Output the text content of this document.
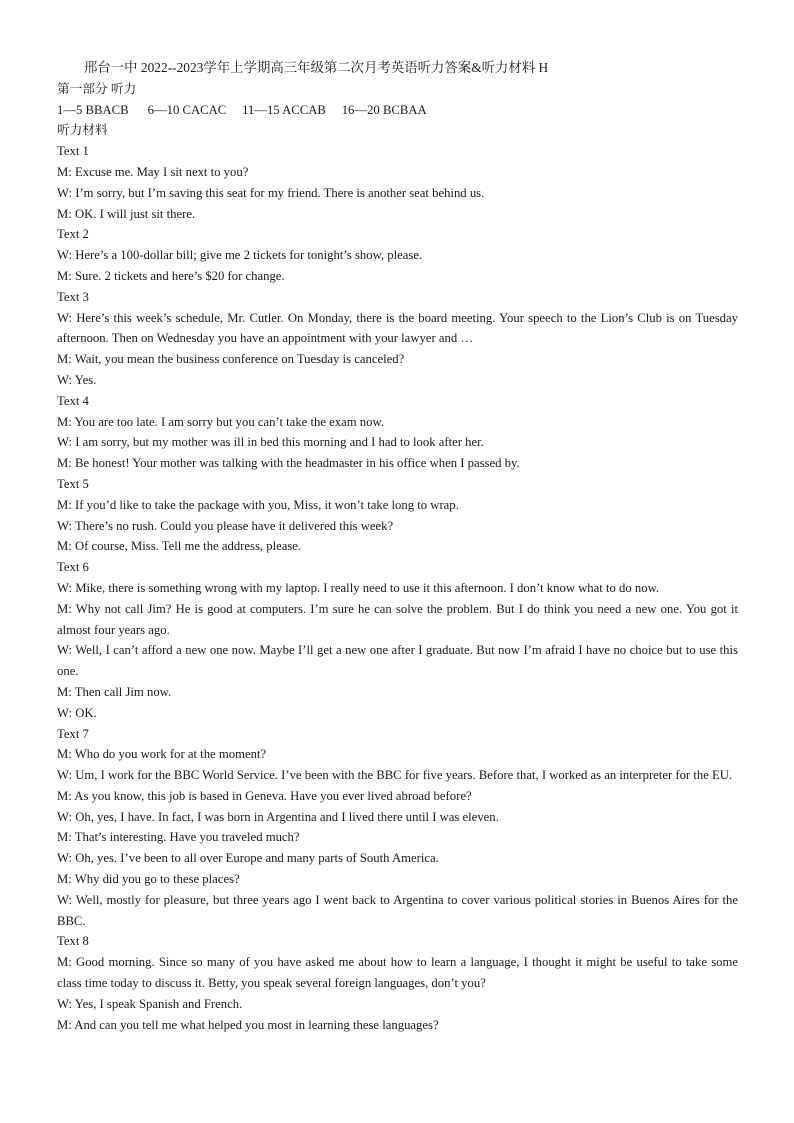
邢台一中 2022--2023学年上学期高三年级第二次月考英语听力答案&听力材料 H
第一部分 听力
1—5 BBACB 6—10 CACAC 11—15 ACCAB 16—20 BCBAA
听力材料
Text 1
M: Excuse me. May I sit next to you?
W: I’m sorry, but I’m saving this seat for my friend. There is another seat behind us.
M: OK. I will just sit there.
Text 2
W: Here’s a 100-dollar bill; give me 2 tickets for tonight’s show, please.
M: Sure. 2 tickets and here’s $20 for change.
Text 3
W: Here’s this week’s schedule, Mr. Cutler. On Monday, there is the board meeting. Your speech to the Lion’s Club is on Tuesday afternoon. Then on Wednesday you have an appointment with your lawyer and …
M: Wait, you mean the business conference on Tuesday is canceled?
W: Yes.
Text 4
M: You are too late. I am sorry but you can’t take the exam now.
W: I am sorry, but my mother was ill in bed this morning and I had to look after her.
M: Be honest! Your mother was talking with the headmaster in his office when I passed by.
Text 5
M: If you’d like to take the package with you, Miss, it won’t take long to wrap.
W: There’s no rush. Could you please have it delivered this week?
M: Of course, Miss. Tell me the address, please.
Text 6
W: Mike, there is something wrong with my laptop. I really need to use it this afternoon. I don’t know what to do now.
M: Why not call Jim? He is good at computers. I’m sure he can solve the problem. But I do think you need a new one. You got it almost four years ago.
W: Well, I can’t afford a new one now. Maybe I’ll get a new one after I graduate. But now I’m afraid I have no choice but to use this one.
M: Then call Jim now.
W: OK.
Text 7
M: Who do you work for at the moment?
W: Um, I work for the BBC World Service. I’ve been with the BBC for five years. Before that, I worked as an interpreter for the EU.
M: As you know, this job is based in Geneva. Have you ever lived abroad before?
W: Oh, yes, I have. In fact, I was born in Argentina and I lived there until I was eleven.
M: That’s interesting. Have you traveled much?
W: Oh, yes. I’ve been to all over Europe and many parts of South America.
M: Why did you go to these places?
W: Well, mostly for pleasure, but three years ago I went back to Argentina to cover various political stories in Buenos Aires for the BBC.
Text 8
M: Good morning. Since so many of you have asked me about how to learn a language, I thought it might be useful to take some class time today to discuss it. Betty, you speak several foreign languages, don’t you?
W: Yes, I speak Spanish and French.
M: And can you tell me what helped you most in learning these languages?
